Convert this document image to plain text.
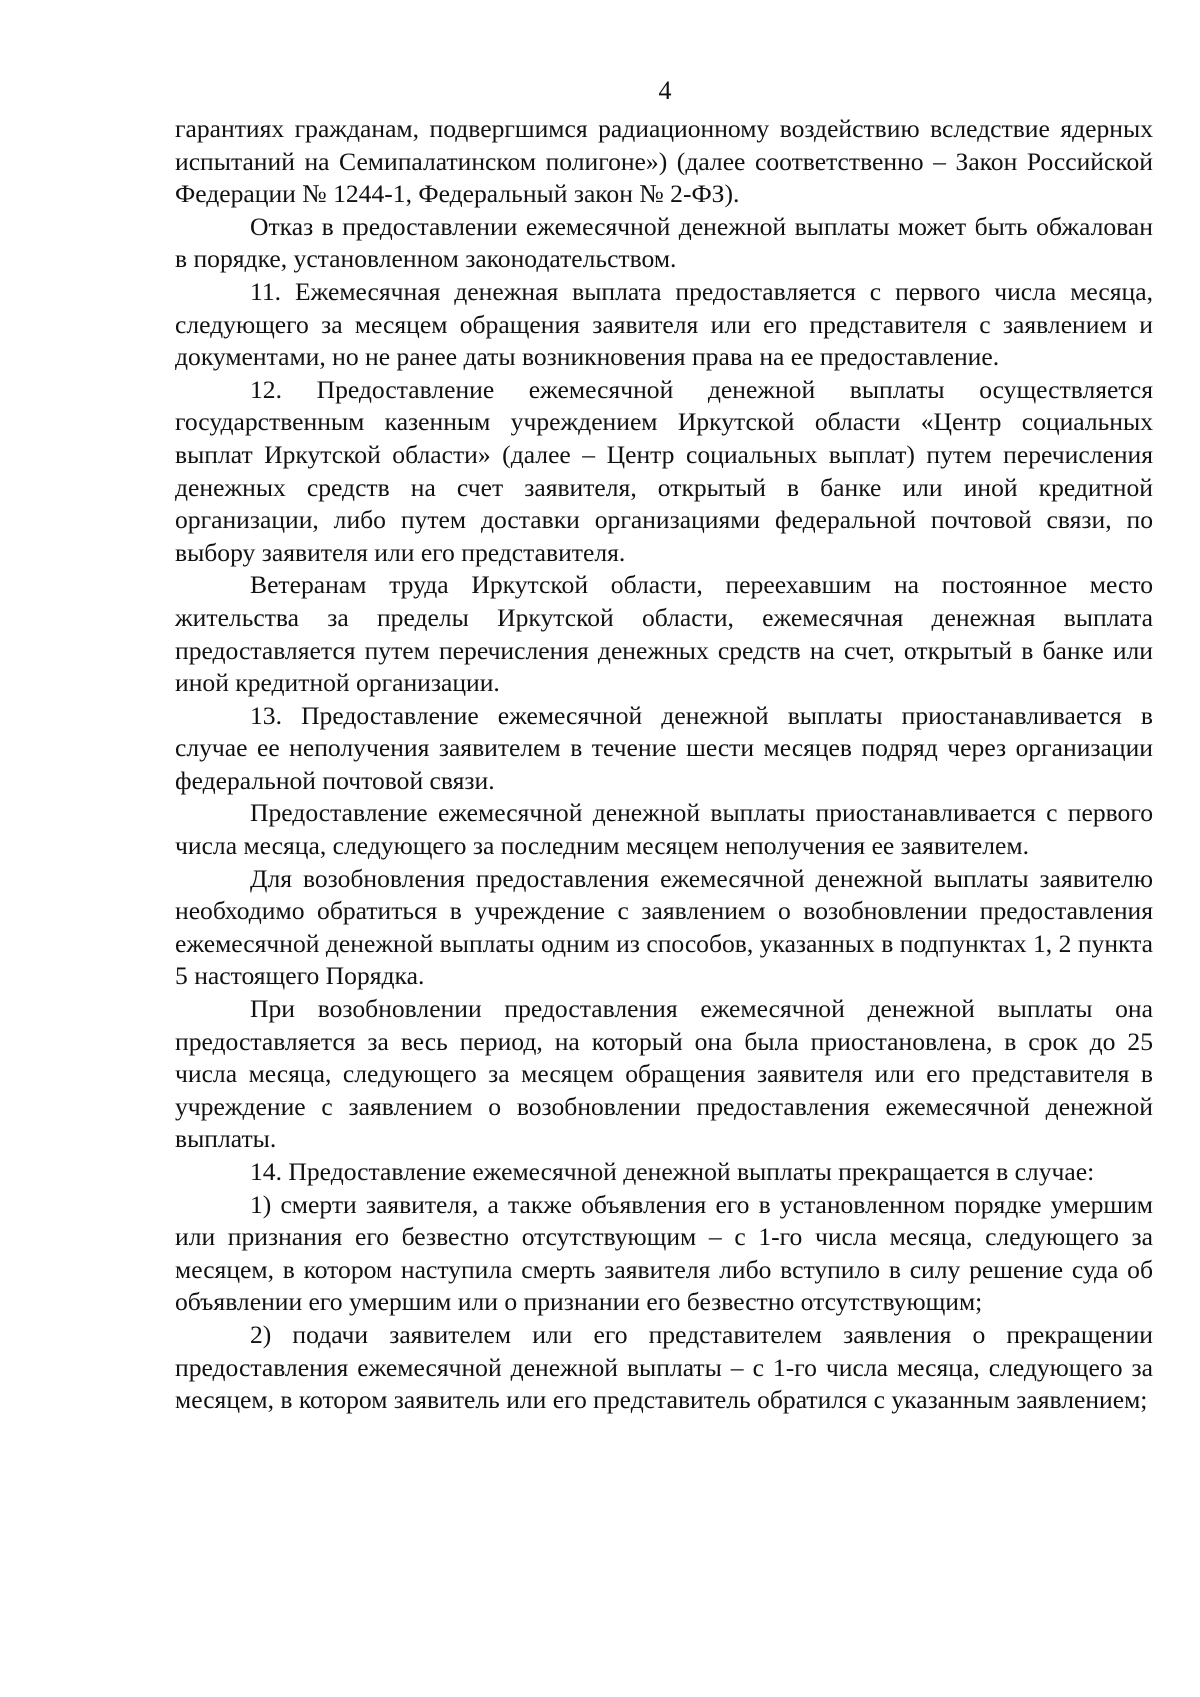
4

гарантиях гражданам, подвергшимся радиационному воздействию вследствие ядерных испытаний на Семипалатинском полигоне») (далее соответственно – Закон Российской Федерации № 1244-1, Федеральный закон № 2-ФЗ).

Отказ в предоставлении ежемесячной денежной выплаты может быть обжалован в порядке, установленном законодательством.

11. Ежемесячная денежная выплата предоставляется с первого числа месяца, следующего за месяцем обращения заявителя или его представителя с заявлением и документами, но не ранее даты возникновения права на ее предоставление.

12. Предоставление ежемесячной денежной выплаты осуществляется государственным казенным учреждением Иркутской области «Центр социальных выплат Иркутской области» (далее – Центр социальных выплат) путем перечисления денежных средств на счет заявителя, открытый в банке или иной кредитной организации, либо путем доставки организациями федеральной почтовой связи, по выбору заявителя или его представителя.

Ветеранам труда Иркутской области, переехавшим на постоянное место жительства за пределы Иркутской области, ежемесячная денежная выплата предоставляется путем перечисления денежных средств на счет, открытый в банке или иной кредитной организации.

13. Предоставление ежемесячной денежной выплаты приостанавливается в случае ее неполучения заявителем в течение шести месяцев подряд через организации федеральной почтовой связи.

Предоставление ежемесячной денежной выплаты приостанавливается с первого числа месяца, следующего за последним месяцем неполучения ее заявителем.

Для возобновления предоставления ежемесячной денежной выплаты заявителю необходимо обратиться в учреждение с заявлением о возобновлении предоставления ежемесячной денежной выплаты одним из способов, указанных в подпунктах 1, 2 пункта 5 настоящего Порядка.

При возобновлении предоставления ежемесячной денежной выплаты она предоставляется за весь период, на который она была приостановлена, в срок до 25 числа месяца, следующего за месяцем обращения заявителя или его представителя в учреждение с заявлением о возобновлении предоставления ежемесячной денежной выплаты.

14. Предоставление ежемесячной денежной выплаты прекращается в случае:

1) смерти заявителя, а также объявления его в установленном порядке умершим или признания его безвестно отсутствующим – с 1-го числа месяца, следующего за месяцем, в котором наступила смерть заявителя либо вступило в силу решение суда об объявлении его умершим или о признании его безвестно отсутствующим;

2) подачи заявителем или его представителем заявления о прекращении предоставления ежемесячной денежной выплаты – с 1-го числа месяца, следующего за месяцем, в котором заявитель или его представитель обратился с указанным заявлением;
